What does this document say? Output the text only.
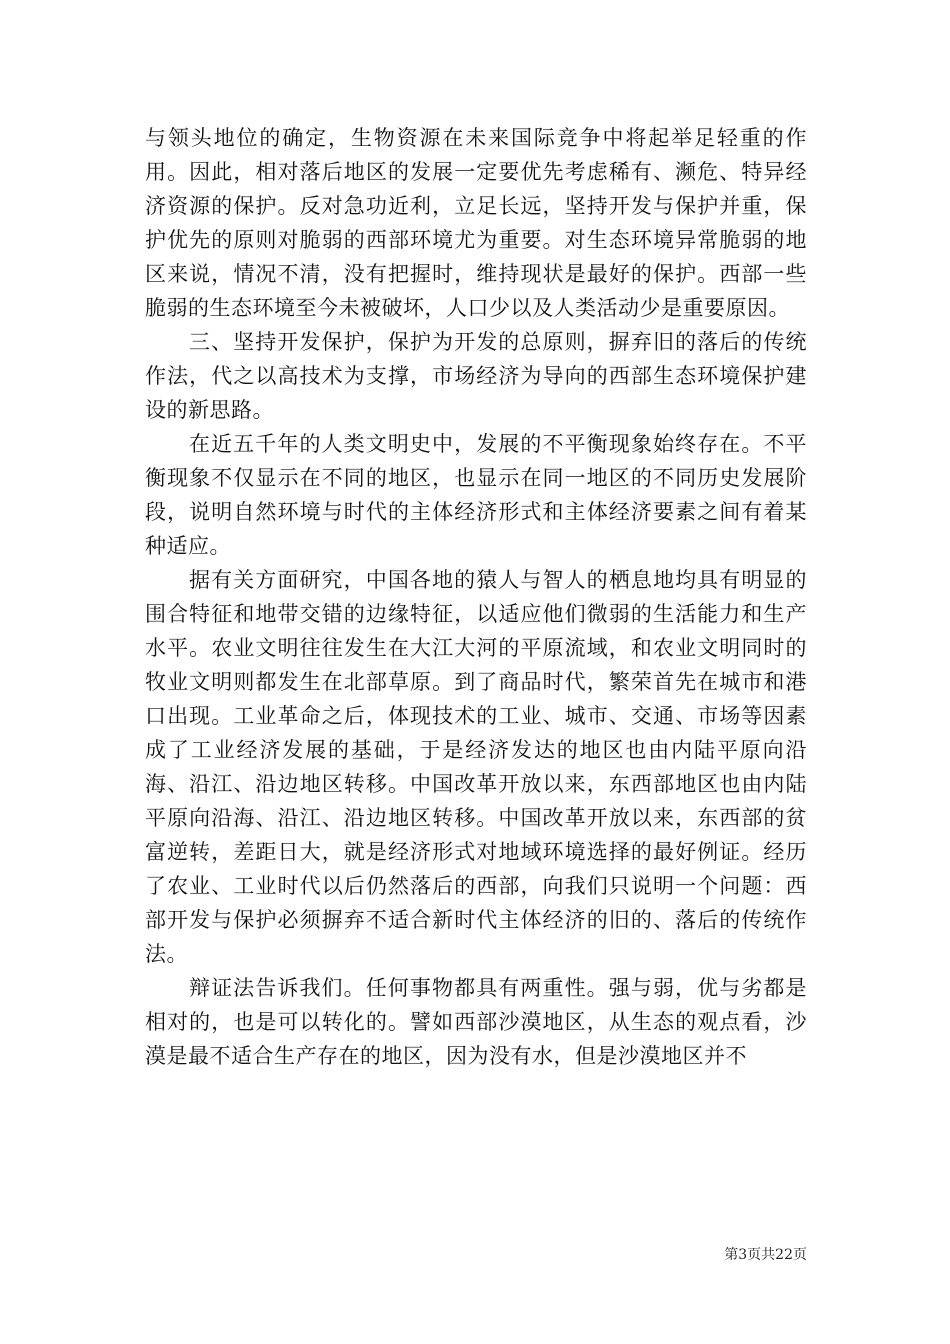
与领头地位的确定，生物资源在未来国际竞争中将起举足轻重的作用。因此，相对落后地区的发展一定要优先考虑稀有、濒危、特异经济资源的保护。反对急功近利，立足长远，坚持开发与保护并重，保护优先的原则对脆弱的西部环境尤为重要。对生态环境异常脆弱的地区来说，情况不清，没有把握时，维持现状是最好的保护。西部一些脆弱的生态环境至今未被破坏，人口少以及人类活动少是重要原因。

三、坚持开发保护，保护为开发的总原则，摒弃旧的落后的传统作法，代之以高技术为支撑，市场经济为导向的西部生态环境保护建设的新思路。

在近五千年的人类文明史中，发展的不平衡现象始终存在。不平衡现象不仅显示在不同的地区，也显示在同一地区的不同历史发展阶段，说明自然环境与时代的主体经济形式和主体经济要素之间有着某种适应。

据有关方面研究，中国各地的猿人与智人的栖息地均具有明显的围合特征和地带交错的边缘特征，以适应他们微弱的生活能力和生产水平。农业文明往往发生在大江大河的平原流域，和农业文明同时的牧业文明则都发生在北部草原。到了商品时代，繁荣首先在城市和港口出现。工业革命之后，体现技术的工业、城市、交通、市场等因素成了工业经济发展的基础，于是经济发达的地区也由内陆平原向沿海、沿江、沿边地区转移。中国改革开放以来，东西部地区也由内陆平原向沿海、沿江、沿边地区转移。中国改革开放以来，东西部的贫富逆转，差距日大，就是经济形式对地域环境选择的最好例证。经历了农业、工业时代以后仍然落后的西部，向我们只说明一个问题：西部开发与保护必须摒弃不适合新时代主体经济的旧的、落后的传统作法。

辩证法告诉我们。任何事物都具有两重性。强与弱，优与劣都是相对的，也是可以转化的。譬如西部沙漠地区，从生态的观点看，沙漠是最不适合生产存在的地区，因为没有水，但是沙漠地区并不

第3页共22页
